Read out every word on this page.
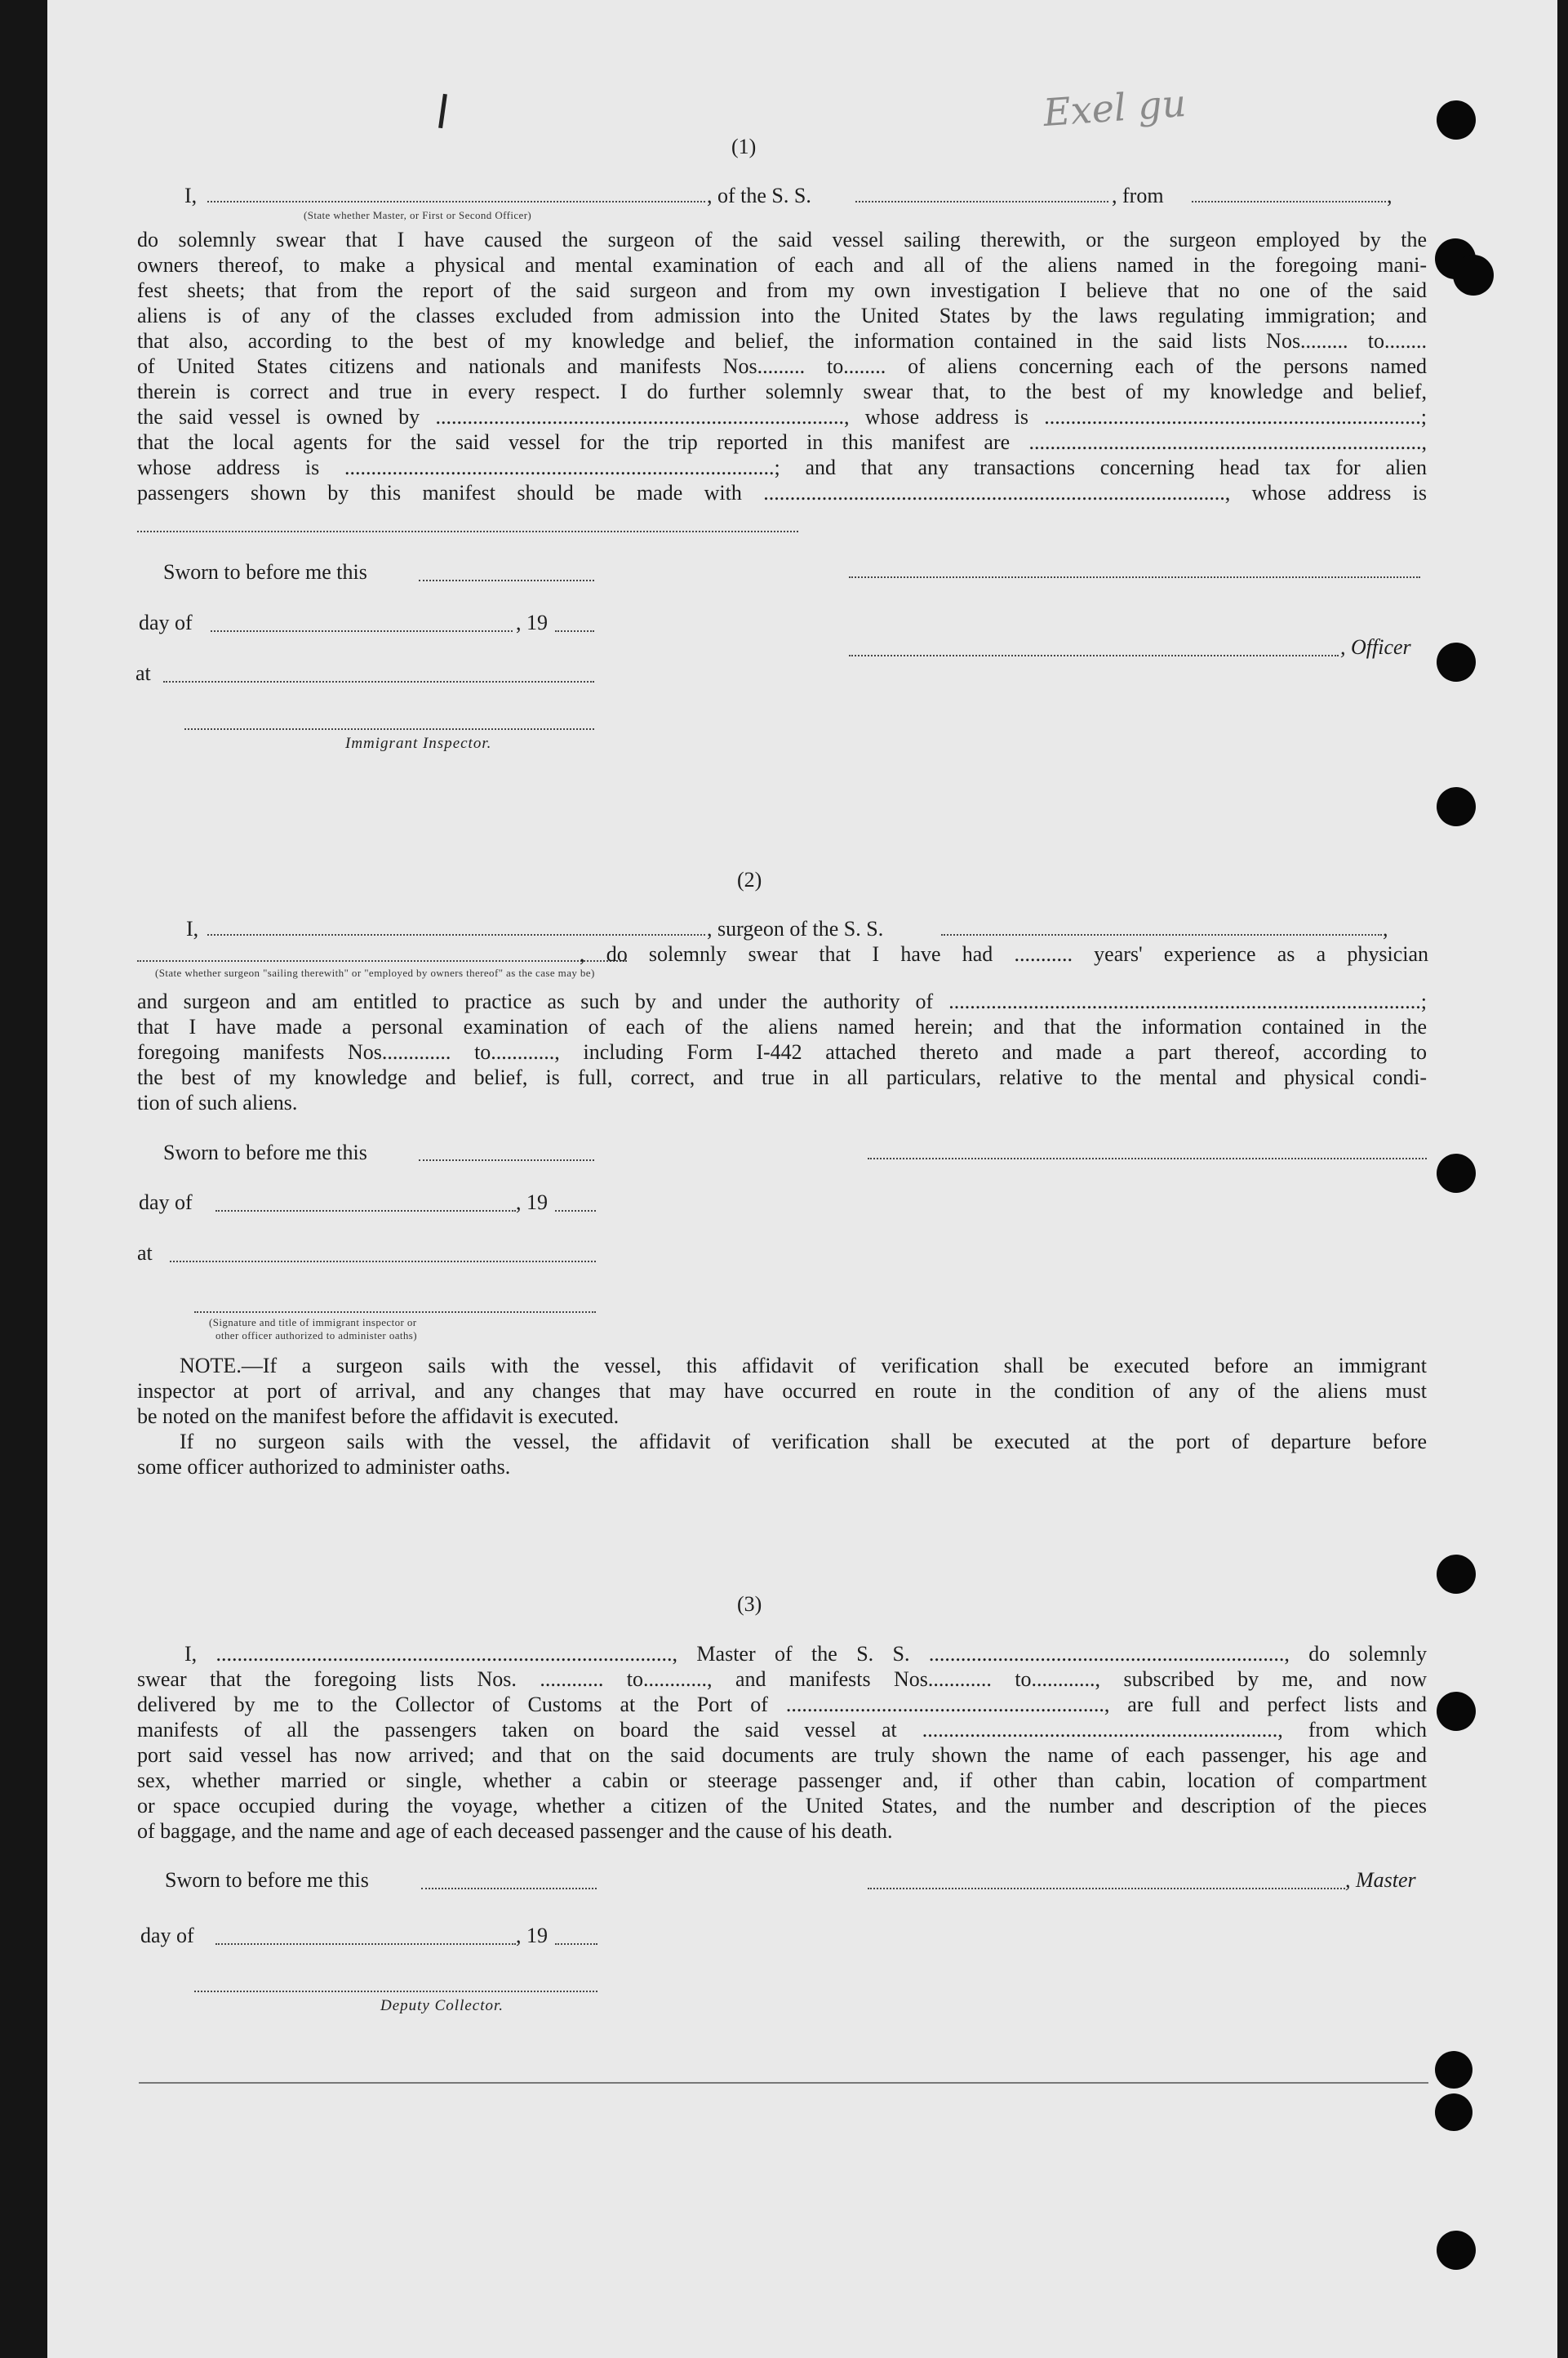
Exel gu
(1)
I,
(State whether Master, or First or Second Officer)
, of the S. S.	, from	,
do solemnly swear that I have caused the surgeon of the said vessel sailing therewith, or the surgeon employed by the
owners thereof, to make a physical and mental examination of each and all of the aliens named in the foregoing mani-
fest sheets; that from the report of the said surgeon and from my own investigation I believe that no one of the said
aliens is of any of the classes excluded from admission into the United States by the laws regulating immigration; and
that also, according to the best of my knowledge and belief, the information contained in the said lists Nos......... to........
of United States citizens and nationals and manifests Nos......... to........ of aliens concerning each of the persons named
therein is correct and true in every respect. I do further solemnly swear that, to the best of my knowledge and belief,
the said vessel is owned by ............................................................................., whose address is .......................................................................;
that the local agents for the said vessel for the trip reported in this manifest are ..........................................................................,
whose address is .................................................................................; and that any transactions concerning head tax for alien
passengers shown by this manifest should be made with ......................................................................................., whose address is
Sworn to before me this
day of	, 19
, Officer
at
Immigrant Inspector.
(2)
I,	, surgeon of the S. S.	,
, do solemnly swear that I have had ........... years' experience as a physician
(State whether surgeon "sailing therewith" or "employed by owners thereof" as the case may be)
and surgeon and am entitled to practice as such by and under the authority of .........................................................................................;
that I have made a personal examination of each of the aliens named herein; and that the information contained in the
foregoing manifests Nos............. to............, including Form I-442 attached thereto and made a part thereof, according to
the best of my knowledge and belief, is full, correct, and true in all particulars, relative to the mental and physical condi-
tion of such aliens.
Sworn to before me this
day of	, 19
at
(Signature and title of immigrant inspector or
other officer authorized to administer oaths)
NOTE.—If a surgeon sails with the vessel, this affidavit of verification shall be executed before an immigrant
inspector at port of arrival, and any changes that may have occurred en route in the condition of any of the aliens must
be noted on the manifest before the affidavit is executed.
If no surgeon sails with the vessel, the affidavit of verification shall be executed at the port of departure before
some officer authorized to administer oaths.
(3)
I, ......................................................................................, Master of the S. S. ..................................................................., do solemnly
swear that the foregoing lists Nos. ............ to............, and manifests Nos............ to............, subscribed by me, and now
delivered by me to the Collector of Customs at the Port of ............................................................, are full and perfect lists and
manifests of all the passengers taken on board the said vessel at ..................................................................., from which
port said vessel has now arrived; and that on the said documents are truly shown the name of each passenger, his age and
sex, whether married or single, whether a cabin or steerage passenger and, if other than cabin, location of compartment
or space occupied during the voyage, whether a citizen of the United States, and the number and description of the pieces
of baggage, and the name and age of each deceased passenger and the cause of his death.
Sworn to before me this	, Master
day of	, 19
Deputy Collector.
